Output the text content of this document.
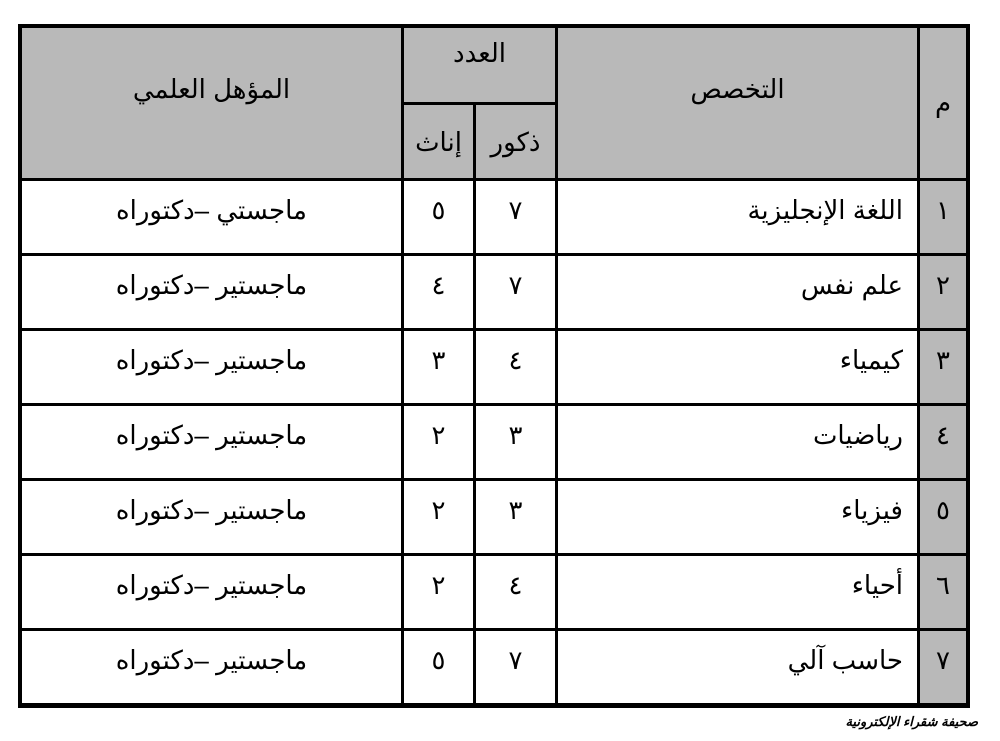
م
التخصص
العدد
ذكور
إناث
المؤهل العلمي
١
اللغة الإنجليزية
٧
٥
ماجستي –دكتوراه
٢
علم نفس
٧
٤
ماجستير –دكتوراه
٣
كيمياء
٤
٣
ماجستير –دكتوراه
٤
رياضيات
٣
٢
ماجستير –دكتوراه
٥
فيزياء
٣
٢
ماجستير –دكتوراه
٦
أحياء
٤
٢
ماجستير –دكتوراه
٧
حاسب آلي
٧
٥
ماجستير –دكتوراه
صحيفة شقراء الإلكترونية
